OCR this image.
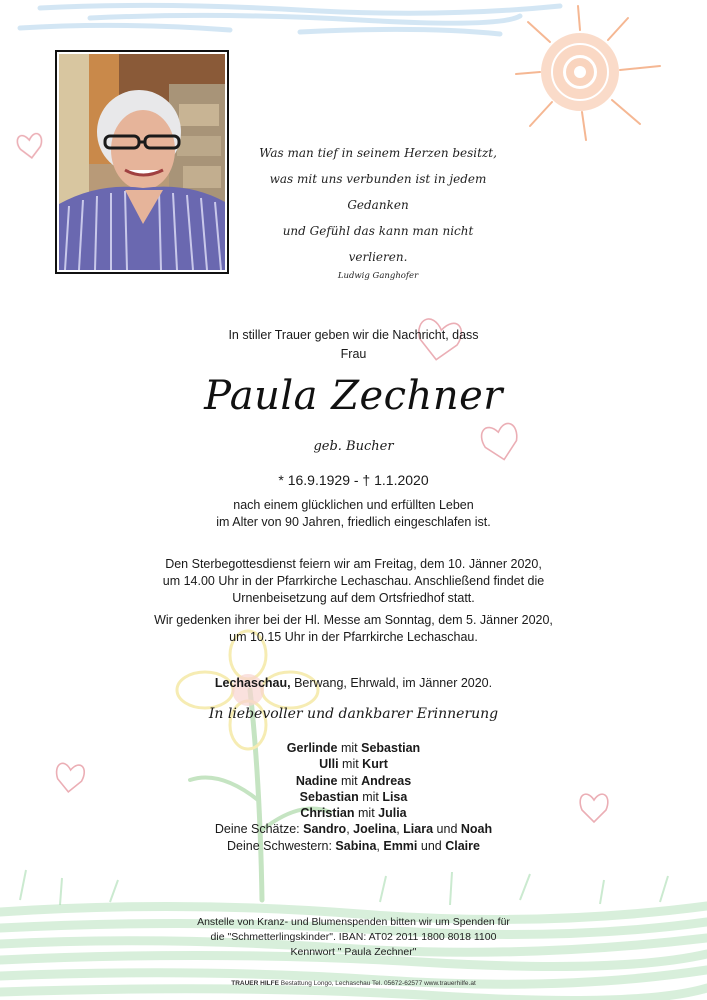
Was man tief in seinem Herzen besitzt,
was mit uns verbunden ist in jedem Gedanken
und Gefühl das kann man nicht verlieren.
Ludwig Ganghofer
In stiller Trauer geben wir die Nachricht, dass
Frau
Paula Zechner
geb. Bucher
* 16.9.1929 - † 1.1.2020
nach einem glücklichen und erfüllten Leben
im Alter von 90 Jahren, friedlich eingeschlafen ist.
Den Sterbegottesdienst feiern wir am Freitag, dem 10. Jänner 2020,
um 14.00 Uhr in der Pfarrkirche Lechaschau. Anschließend findet die
Urnenbeisetzung auf dem Ortsfriedhof statt.
Wir gedenken ihrer bei der Hl. Messe am Sonntag, dem 5. Jänner 2020,
um 10.15 Uhr in der Pfarrkirche Lechaschau.
Lechaschau, Berwang, Ehrwald, im Jänner 2020.
In liebevoller und dankbarer Erinnerung
Gerlinde mit Sebastian
Ulli mit Kurt
Nadine mit Andreas
Sebastian mit Lisa
Christian mit Julia
Deine Schätze: Sandro, Joelina, Liara und Noah
Deine Schwestern: Sabina, Emmi und Claire
Anstelle von Kranz- und Blumenspenden bitten wir um Spenden für
die "Schmetterlingskinder". IBAN: AT02 2011 1800 8018 1100
Kennwort " Paula Zechner"
TRAUER HILFE Bestattung Longo, Lechaschau Tel. 05672-62577 www.trauerhilfe.at
